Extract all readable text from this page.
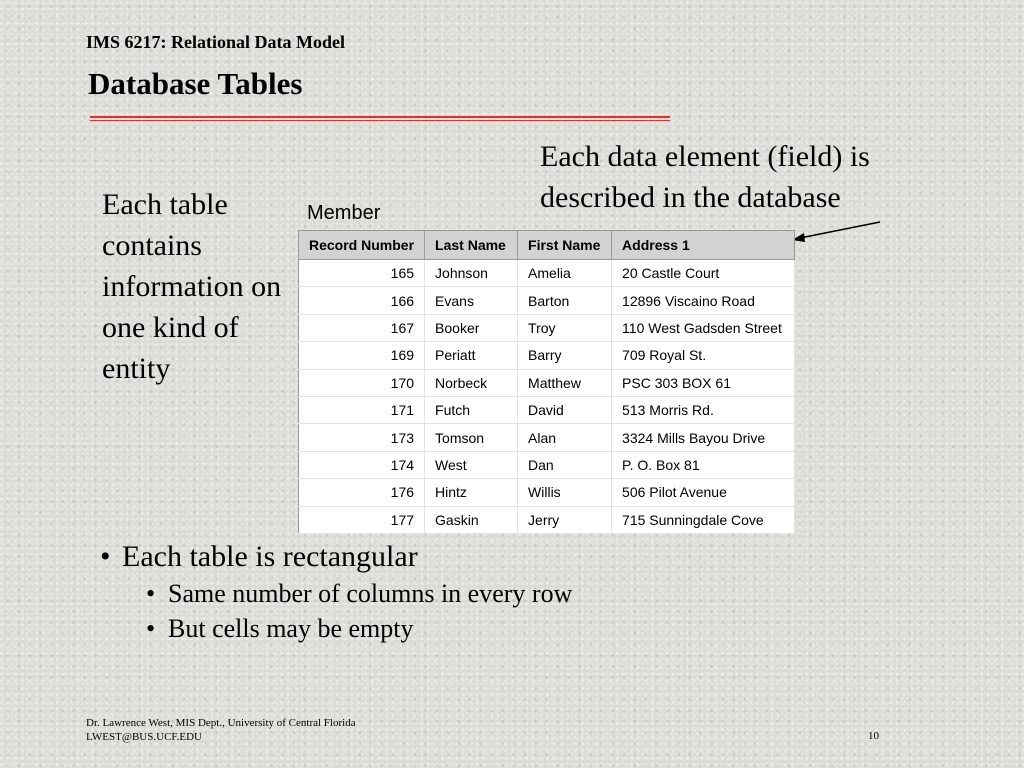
IMS 6217: Relational Data Model
Database Tables
Each table contains information on one kind of entity
Each data element (field) is described in the database
Member
Record Number	Last Name	First Name	Address 1
165	Johnson	Amelia	20 Castle Court
166	Evans	Barton	12896 Viscaino Road
167	Booker	Troy	110 West Gadsden Street
169	Periatt	Barry	709 Royal St.
170	Norbeck	Matthew	PSC 303 BOX 61
171	Futch	David	513 Morris Rd.
173	Tomson	Alan	3324 Mills Bayou Drive
174	West	Dan	P. O. Box 81
176	Hintz	Willis	506 Pilot Avenue
177	Gaskin	Jerry	715 Sunningdale Cove
• Each table is rectangular
• Same number of columns in every row
• But cells may be empty
Dr. Lawrence West, MIS Dept., University of Central Florida
LWEST@BUS.UCF.EDU	10
